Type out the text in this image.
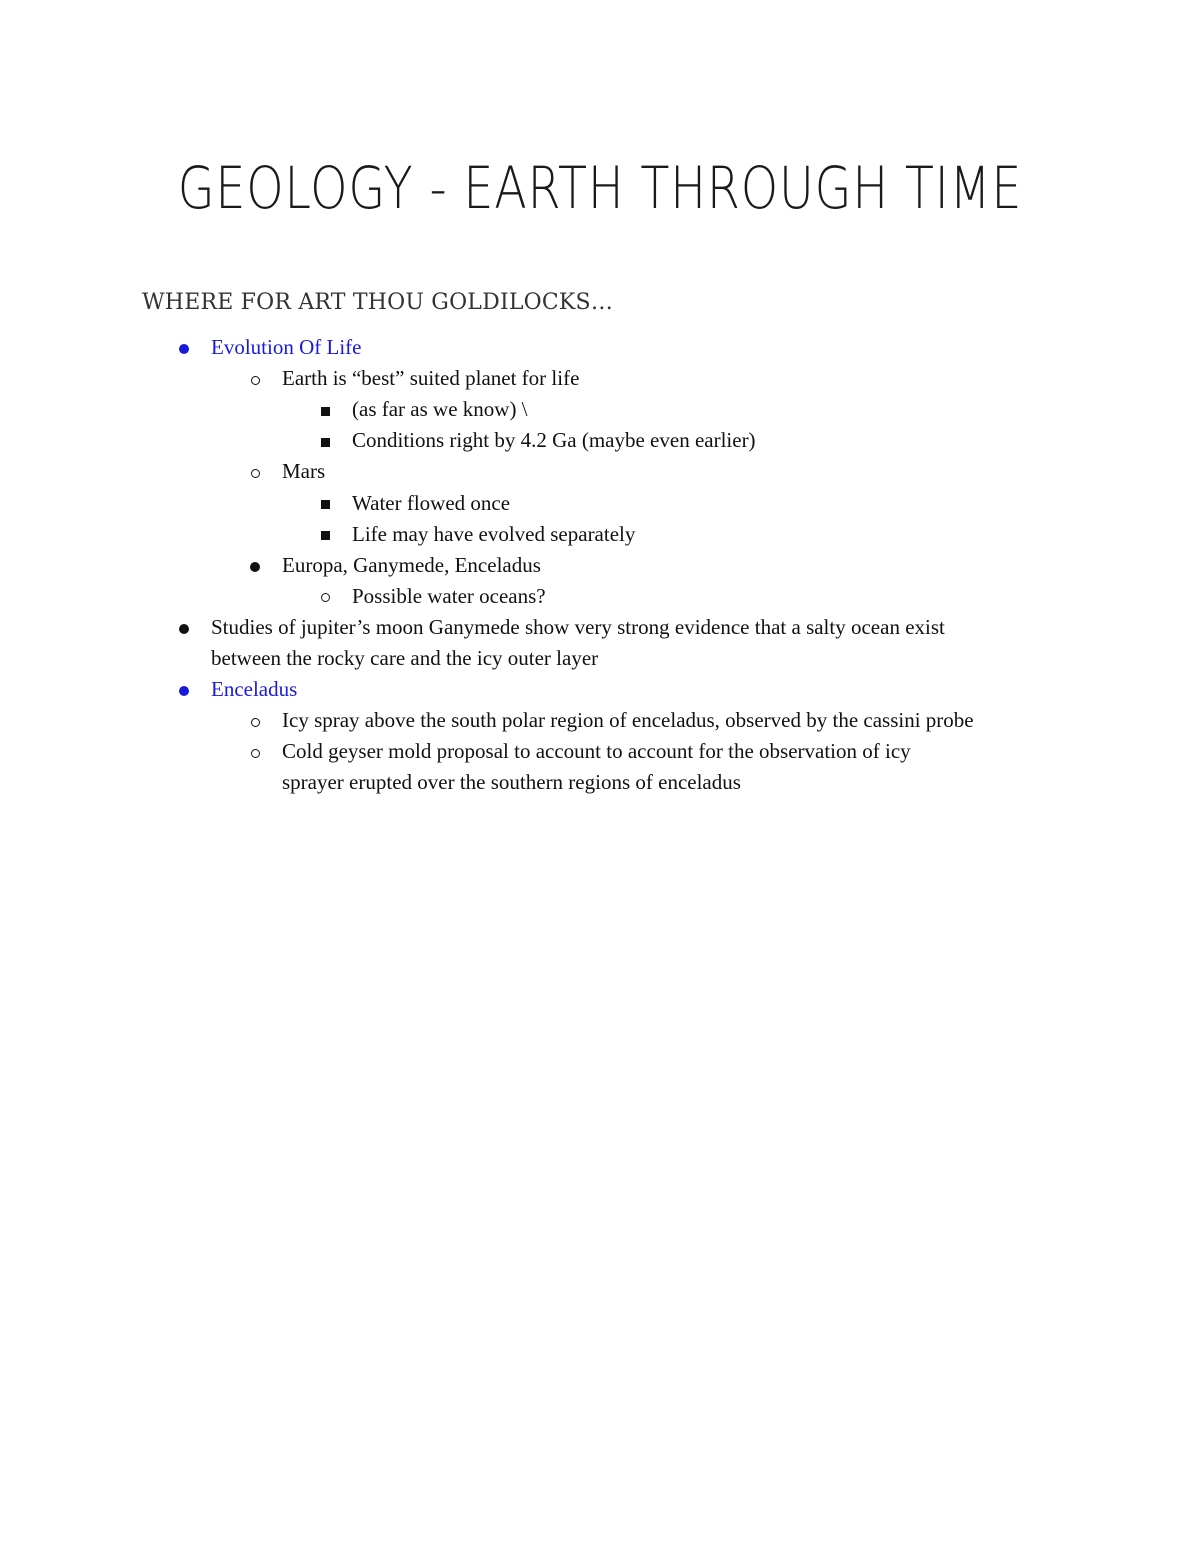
GEOLOGY - EARTH THROUGH TIME
WHERE FOR ART THOU GOLDILOCKS…
Evolution Of Life
Earth is “best” suited planet for life
(as far as we know) \
Conditions right by 4.2 Ga (maybe even earlier)
Mars
Water flowed once
Life may have evolved separately
Europa, Ganymede, Enceladus
Possible water oceans?
Studies of jupiter’s moon Ganymede show very strong evidence that a salty ocean exist
between the rocky care and the icy outer layer
Enceladus
Icy spray above the south polar region of enceladus, observed by the cassini probe
Cold geyser mold proposal to account to account for the observation of icy
sprayer erupted over the southern regions of enceladus
